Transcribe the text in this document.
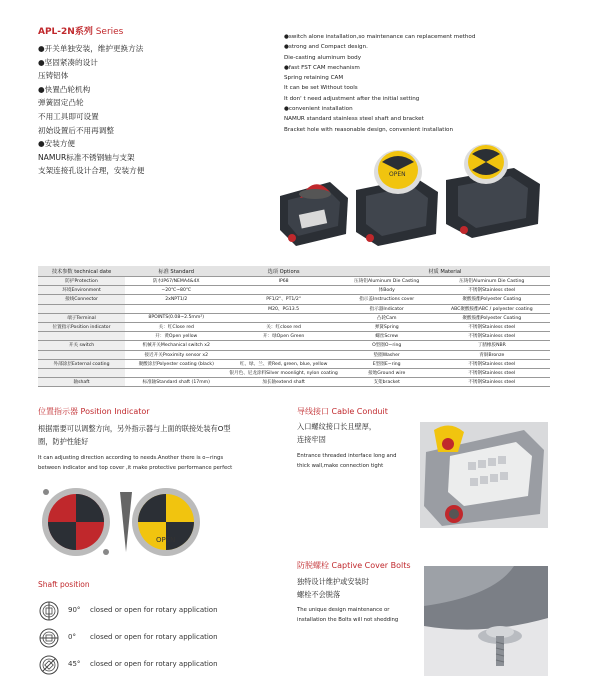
APL-2N系列 Series
●开关单独安装，维护更换方法
●坚固紧凑的设计
压铸铝体
●快置凸轮机构
弹簧固定凸轮
不用工具即可设置
初始设置后不用再调整
●安装方便
NAMUR标准不锈钢轴与支架
支架连接孔设计合理，安装方便
●switch alone installation,so maintenance can replacement method
●strong and Compact design.
Die-casting aluminum body
●fast FST CAM mechanism
Spring retaining CAM
It can be set Without tools
It don' t need adjustment after the initial setting
●convenient installation
NAMUR standard stainless steel shaft and bracket
Bracket hole with reasonable design, convenient installation
OPEN
技术参数 technical date	标准 Standard	选项 Options	材质 Material	
防护Protection	防水IP67/NEMA4&4X	IP68	压铸铝Aluminum Die Casting	压铸铝Aluminum Die Casting
环境Environment	−20℃~80℃		体Body	不锈钢Stainless steel
接线Connector	2xNPT1/2	PF1/2"、PT1/2"	指示盖Instructions cover	聚酸胺酯Polyester Coating
		M20、PG13.5	指示器Indicator	ABC聚酸胺酯ABC / polyester coating
端子Terminal	8POINTS(0.08~2.5mm²)		凸轮Cam	聚酸胺酯Polyester Coating
位置指示Position indicator	关：红Close red	关：红close red	弹簧Spring	不锈钢Stainless steel
	开：黄Open yellow	开：绿Open Green	螺丝Screw	不锈钢Stainless steel
开关 switch	机械开关Mechanical switch x2		O型圈O−ring	丁腈橡胶NBR
	接近开关Proximity sensor x2		垫圈Washer	青铜Bronze
外部涂层External coating	聚酸涂层Polyester coating (black)	红、绿、兰、黄Red, green, blue, yellow	E型圈E−ring	不锈钢Stainless steel
		银月色、尼龙涂料Silver moonlight, nylon coating	接地Ground wire	不锈钢Stainless steel
轴shaft	标准轴Standard shaft (17mm)	加长轴extend shaft	支架bracket	不锈钢Stainless steel
位置指示器 Position Indicator
根据需要可以调整方向，另外指示器与上面的联接处装有O型
圈，防护性能好
It can adjusting direction according to needs.Another there is o−rings
between indicator and top cover ,it make protective performance perfect
OPEN
Shaft position
90° closed or open for rotary application
0° closed or open for rotary application
45° closed or open for rotary application
导线接口 Cable Conduit
入口螺纹接口长且壁厚，
连接牢固
Entrance threaded interface long and
thick wall,make connection tight
防脱螺栓 Captive Cover Bolts
独特设计维护或安装时
螺栓不会脱落
The unique design maintenance or
installation the Bolts will not shedding
